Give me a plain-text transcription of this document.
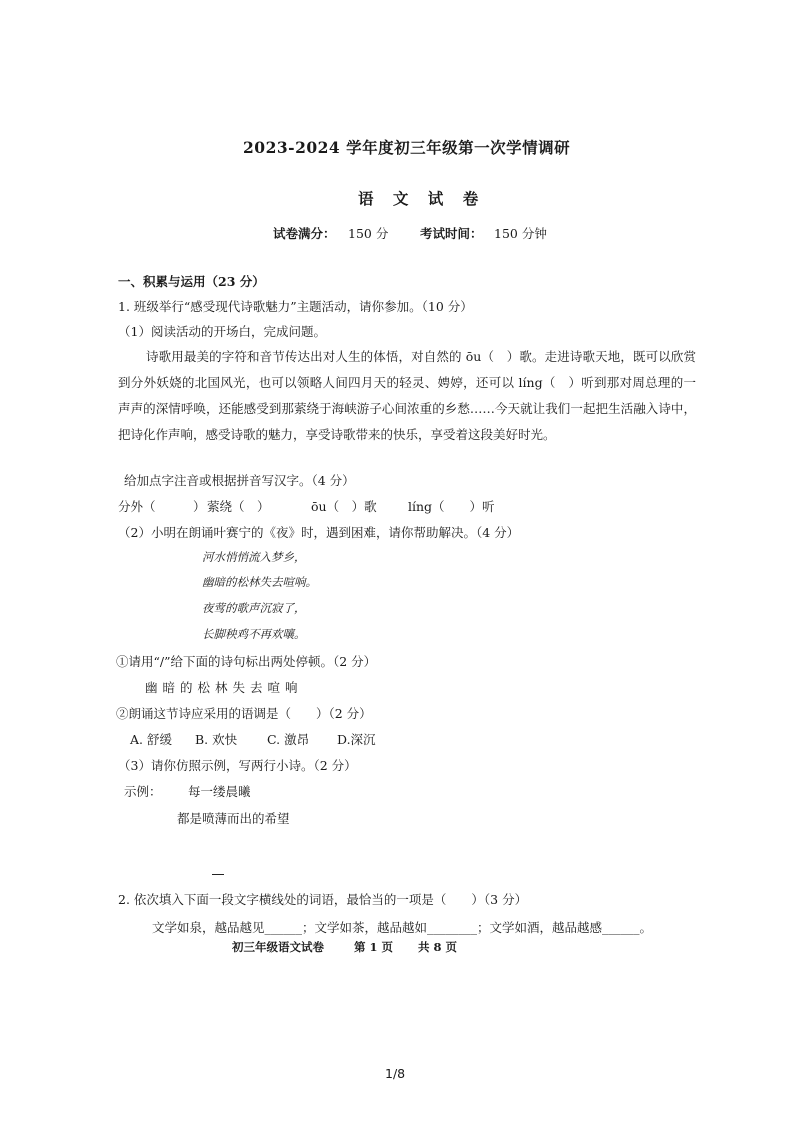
2023-2024 学年度初三年级第一次学情调研
语 文 试 卷
试卷满分： 150 分	考试时间： 150 分钟
一、积累与运用（23 分）
1. 班级举行“感受现代诗歌魅力”主题活动，请你参加。（10 分）
（1）阅读活动的开场白，完成问题。
诗歌用最美的字符和音节传达出对人生的体悟，对自然的 ōu（　）歌。走进诗歌天地，既可以欣赏到分外妖娆的北国风光，也可以领略人间四月天的轻灵、娉婷，还可以 líng（　）听到那对周总理的一声声的深情呼唤，还能感受到那萦绕于海峡游子心间浓重的乡愁……今天就让我们一起把生活融入诗中，把诗化作声响，感受诗歌的魅力，享受诗歌带来的快乐，享受着这段美好时光。
给加点字注音或根据拼音写汉字。（4 分）
分外（　　　） 萦绕（　）	ōu（　）歌	líng（　　）听
（2）小明在朗诵叶赛宁的《夜》时，遇到困难，请你帮助解决。（4 分）
河水悄悄流入梦乡，
幽暗的松林失去喧响。
夜莺的歌声沉寂了，
长脚秧鸡不再欢嚷。
①请用“/”给下面的诗句标出两处停顿。（2 分）
幽暗的松林失去喧响
②朗诵这节诗应采用的语调是（　　）（2 分）
A. 舒缓 B. 欢快 C. 激昂 D.深沉
（3）请你仿照示例，写两行小诗。（2 分）
示例： 每一缕晨曦
都是喷薄而出的希望
2. 依次填入下面一段文字横线处的词语，最恰当的一项是（　　）（3 分）
文学如泉，越品越见______；文学如茶，越品越如________；文学如酒，越品越感______。
初三年级语文试卷	第 1 页 共 8 页
1/8
